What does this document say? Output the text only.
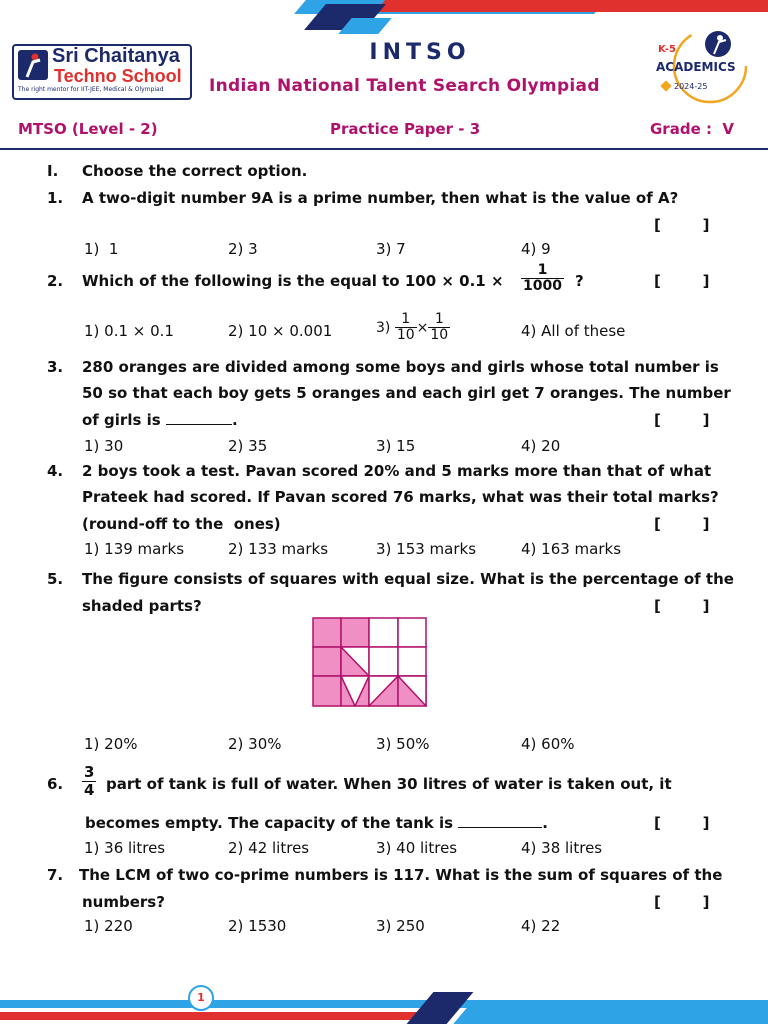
Sri Chaitanya
Techno School
The right mentor for IIT-JEE, Medical & Olympiad
INTSO
Indian National Talent Search Olympiad
K-5
ACADEMICS
2024-25
MTSO (Level - 2)	Practice Paper - 3	Grade :  V
I. Choose the correct option.
1. A two-digit number 9A is a prime number, then what is the value of A?
[        ]
1)  1	2) 3	3) 7	4) 9
2. Which of the following is the equal to $100 \times 0.1 \times \frac{1}{1000}$ ?	[        ]
1) 0.1 × 0.1	2) 10 × 0.001	$3) \frac{1}{10} \times \frac{1}{10}$	4) All of these
3. 280 oranges are divided among some boys and girls whose total number is
50 so that each boy gets 5 oranges and each girl get 7 oranges. The number
of girls is	.	[        ]
1) 30	2) 35	3) 15	4) 20
4. 2 boys took a test. Pavan scored 20% and 5 marks more than that of what
Prateek had scored. If Pavan scored 76 marks, what was their total marks?
(round-off to the  ones)	[        ]
1) 139 marks	2) 133 marks	3) 153 marks	4) 163 marks
5. The figure consists of squares with equal size. What is the percentage of the
shaded parts?	[        ]
1) 20%	2) 30%	3) 50%	4) 60%
6. $\frac{3}{4}$ part of tank is full of water. When 30 litres of water is taken out, it
becomes empty. The capacity of the tank is	.	[        ]
1) 36 litres	2) 42 litres	3) 40 litres	4) 38 litres
7. The LCM of two co-prime numbers is 117. What is the sum of squares of the
numbers?	[        ]
1) 220	2) 1530	3) 250	4) 22
1
